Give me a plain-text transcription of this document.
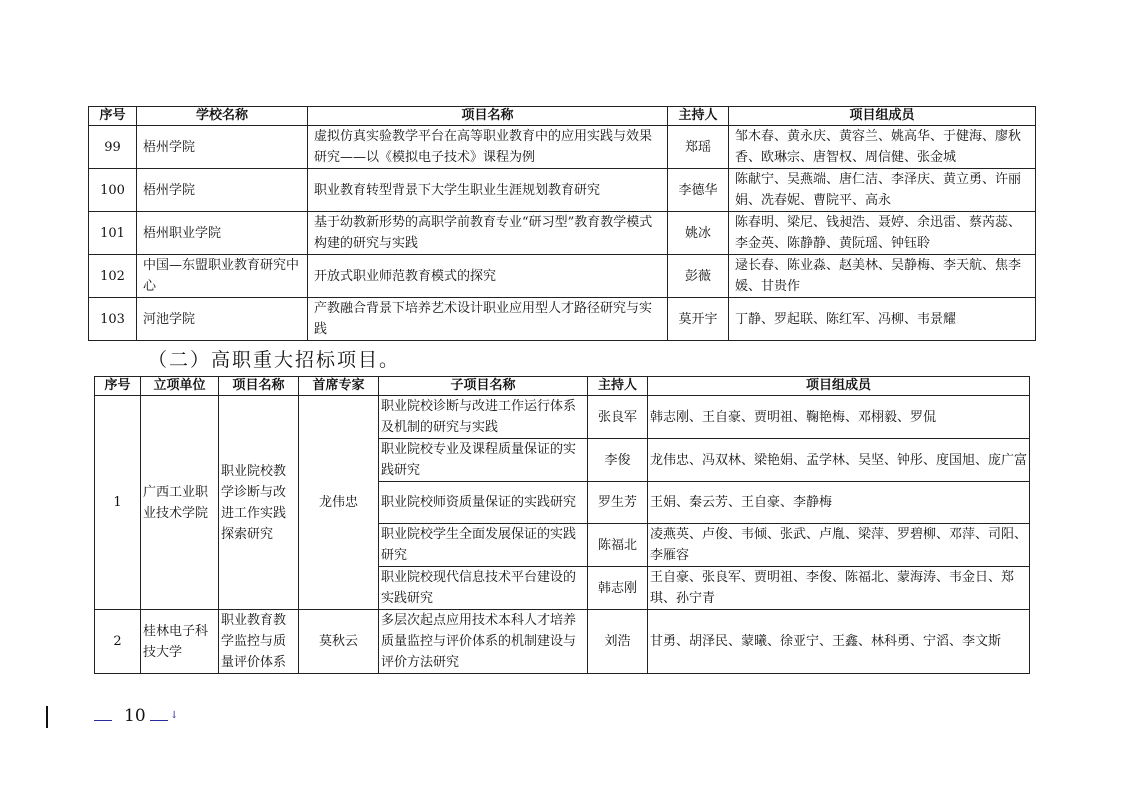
序号	学校名称	项目名称	主持人	项目组成员
99	梧州学院	虚拟仿真实验教学平台在高等职业教育中的应用实践与效果研究——以《模拟电子技术》课程为例	郑瑶	邹木春、黄永庆、黄容兰、姚高华、于健海、廖秋香、欧琳宗、唐智权、周信健、张金城
100	梧州学院	职业教育转型背景下大学生职业生涯规划教育研究	李德华	陈献宁、吴燕端、唐仁洁、李泽庆、黄立勇、许丽娟、冼春妮、曹院平、高永
101	梧州职业学院	基于幼教新形势的高职学前教育专业“研习型”教育教学模式构建的研究与实践	姚冰	陈春明、梁尼、钱昶浩、聂婷、余迅雷、蔡芮蕊、李金英、陈静静、黄阮瑶、钟钰聆
102	中国—东盟职业教育研究中心	开放式职业师范教育模式的探究	彭薇	逯长春、陈业淼、赵美林、吴静梅、李天航、焦李媛、甘贵作
103	河池学院	产教融合背景下培养艺术设计职业应用型人才路径研究与实践	莫开宇	丁静、罗起联、陈红军、冯柳、韦景耀
（二）高职重大招标项目。
序号	立项单位	项目名称	首席专家	子项目名称	主持人	项目组成员
1	广西工业职业技术学院	职业院校教学诊断与改进工作实践探索研究	龙伟忠	职业院校诊断与改进工作运行体系及机制的研究与实践	张良军	韩志刚、王自豪、贾明祖、鞠艳梅、邓栩毅、罗侃
				职业院校专业及课程质量保证的实践研究	李俊	龙伟忠、冯双林、梁艳娟、孟学林、吴坚、钟彤、度国旭、庞广富
				职业院校师资质量保证的实践研究	罗生芳	王娟、秦云芳、王自豪、李静梅
				职业院校学生全面发展保证的实践研究	陈福北	凌燕英、卢俊、韦倾、张武、卢胤、梁萍、罗碧柳、邓萍、司阳、李雁容
				职业院校现代信息技术平台建设的实践研究	韩志刚	王自豪、张良军、贾明祖、李俊、陈福北、蒙海涛、韦金日、郑琪、孙宁青
2	桂林电子科技大学	职业教育教学监控与质量评价体系	莫秋云	多层次起点应用技术本科人才培养质量监控与评价体系的机制建设与评价方法研究	刘浩	甘勇、胡泽民、蒙曦、徐亚宁、王鑫、林科勇、宁滔、李文斯
10 ↓
